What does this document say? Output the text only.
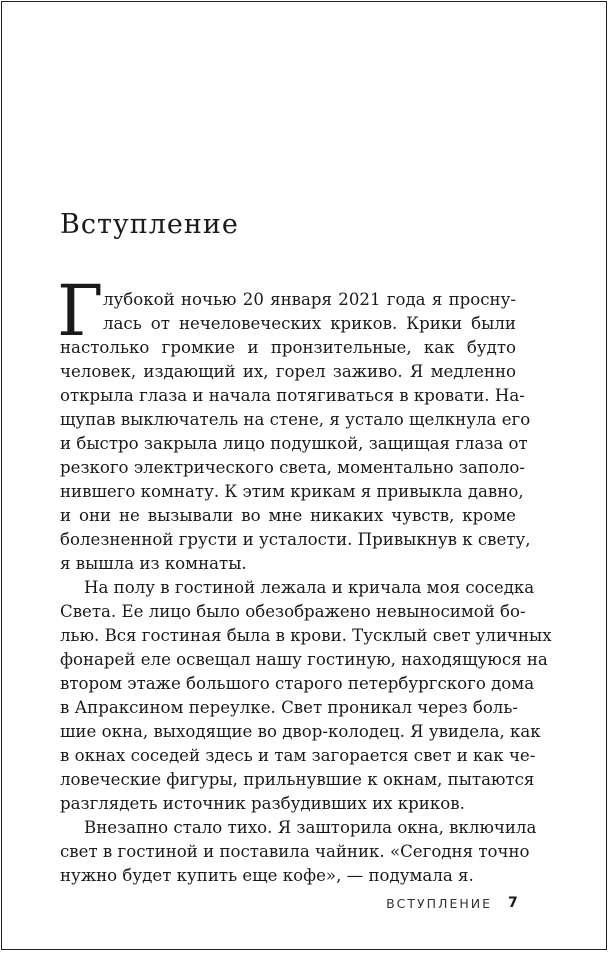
Вступление
Г лубокой ночью 20 января 2021 года я просну-
лась от нечеловеческих криков. Крики были
настолько громкие и пронзительные, как будто
человек, издающий их, горел заживо. Я медленно
открыла глаза и начала потягиваться в кровати. На-
щупав выключатель на стене, я устало щелкнула его
и быстро закрыла лицо подушкой, защищая глаза от
резкого электрического света, моментально заполо-
нившего комнату. К этим крикам я привыкла давно,
и они не вызывали во мне никаких чувств, кроме
болезненной грусти и усталости. Привыкнув к свету,
я вышла из комнаты.
На полу в гостиной лежала и кричала моя соседка
Света. Ее лицо было обезображено невыносимой бо-
лью. Вся гостиная была в крови. Тусклый свет уличных
фонарей еле освещал нашу гостиную, находящуюся на
втором этаже большого старого петербургского дома
в Апраксином переулке. Свет проникал через боль-
шие окна, выходящие во двор-колодец. Я увидела, как
в окнах соседей здесь и там загорается свет и как че-
ловеческие фигуры, прильнувшие к окнам, пытаются
разглядеть источник разбудивших их криков.
Внезапно стало тихо. Я зашторила окна, включила
свет в гостиной и поставила чайник. «Сегодня точно
нужно будет купить еще кофе», — подумала я.
ВСТУПЛЕНИЕ 7
